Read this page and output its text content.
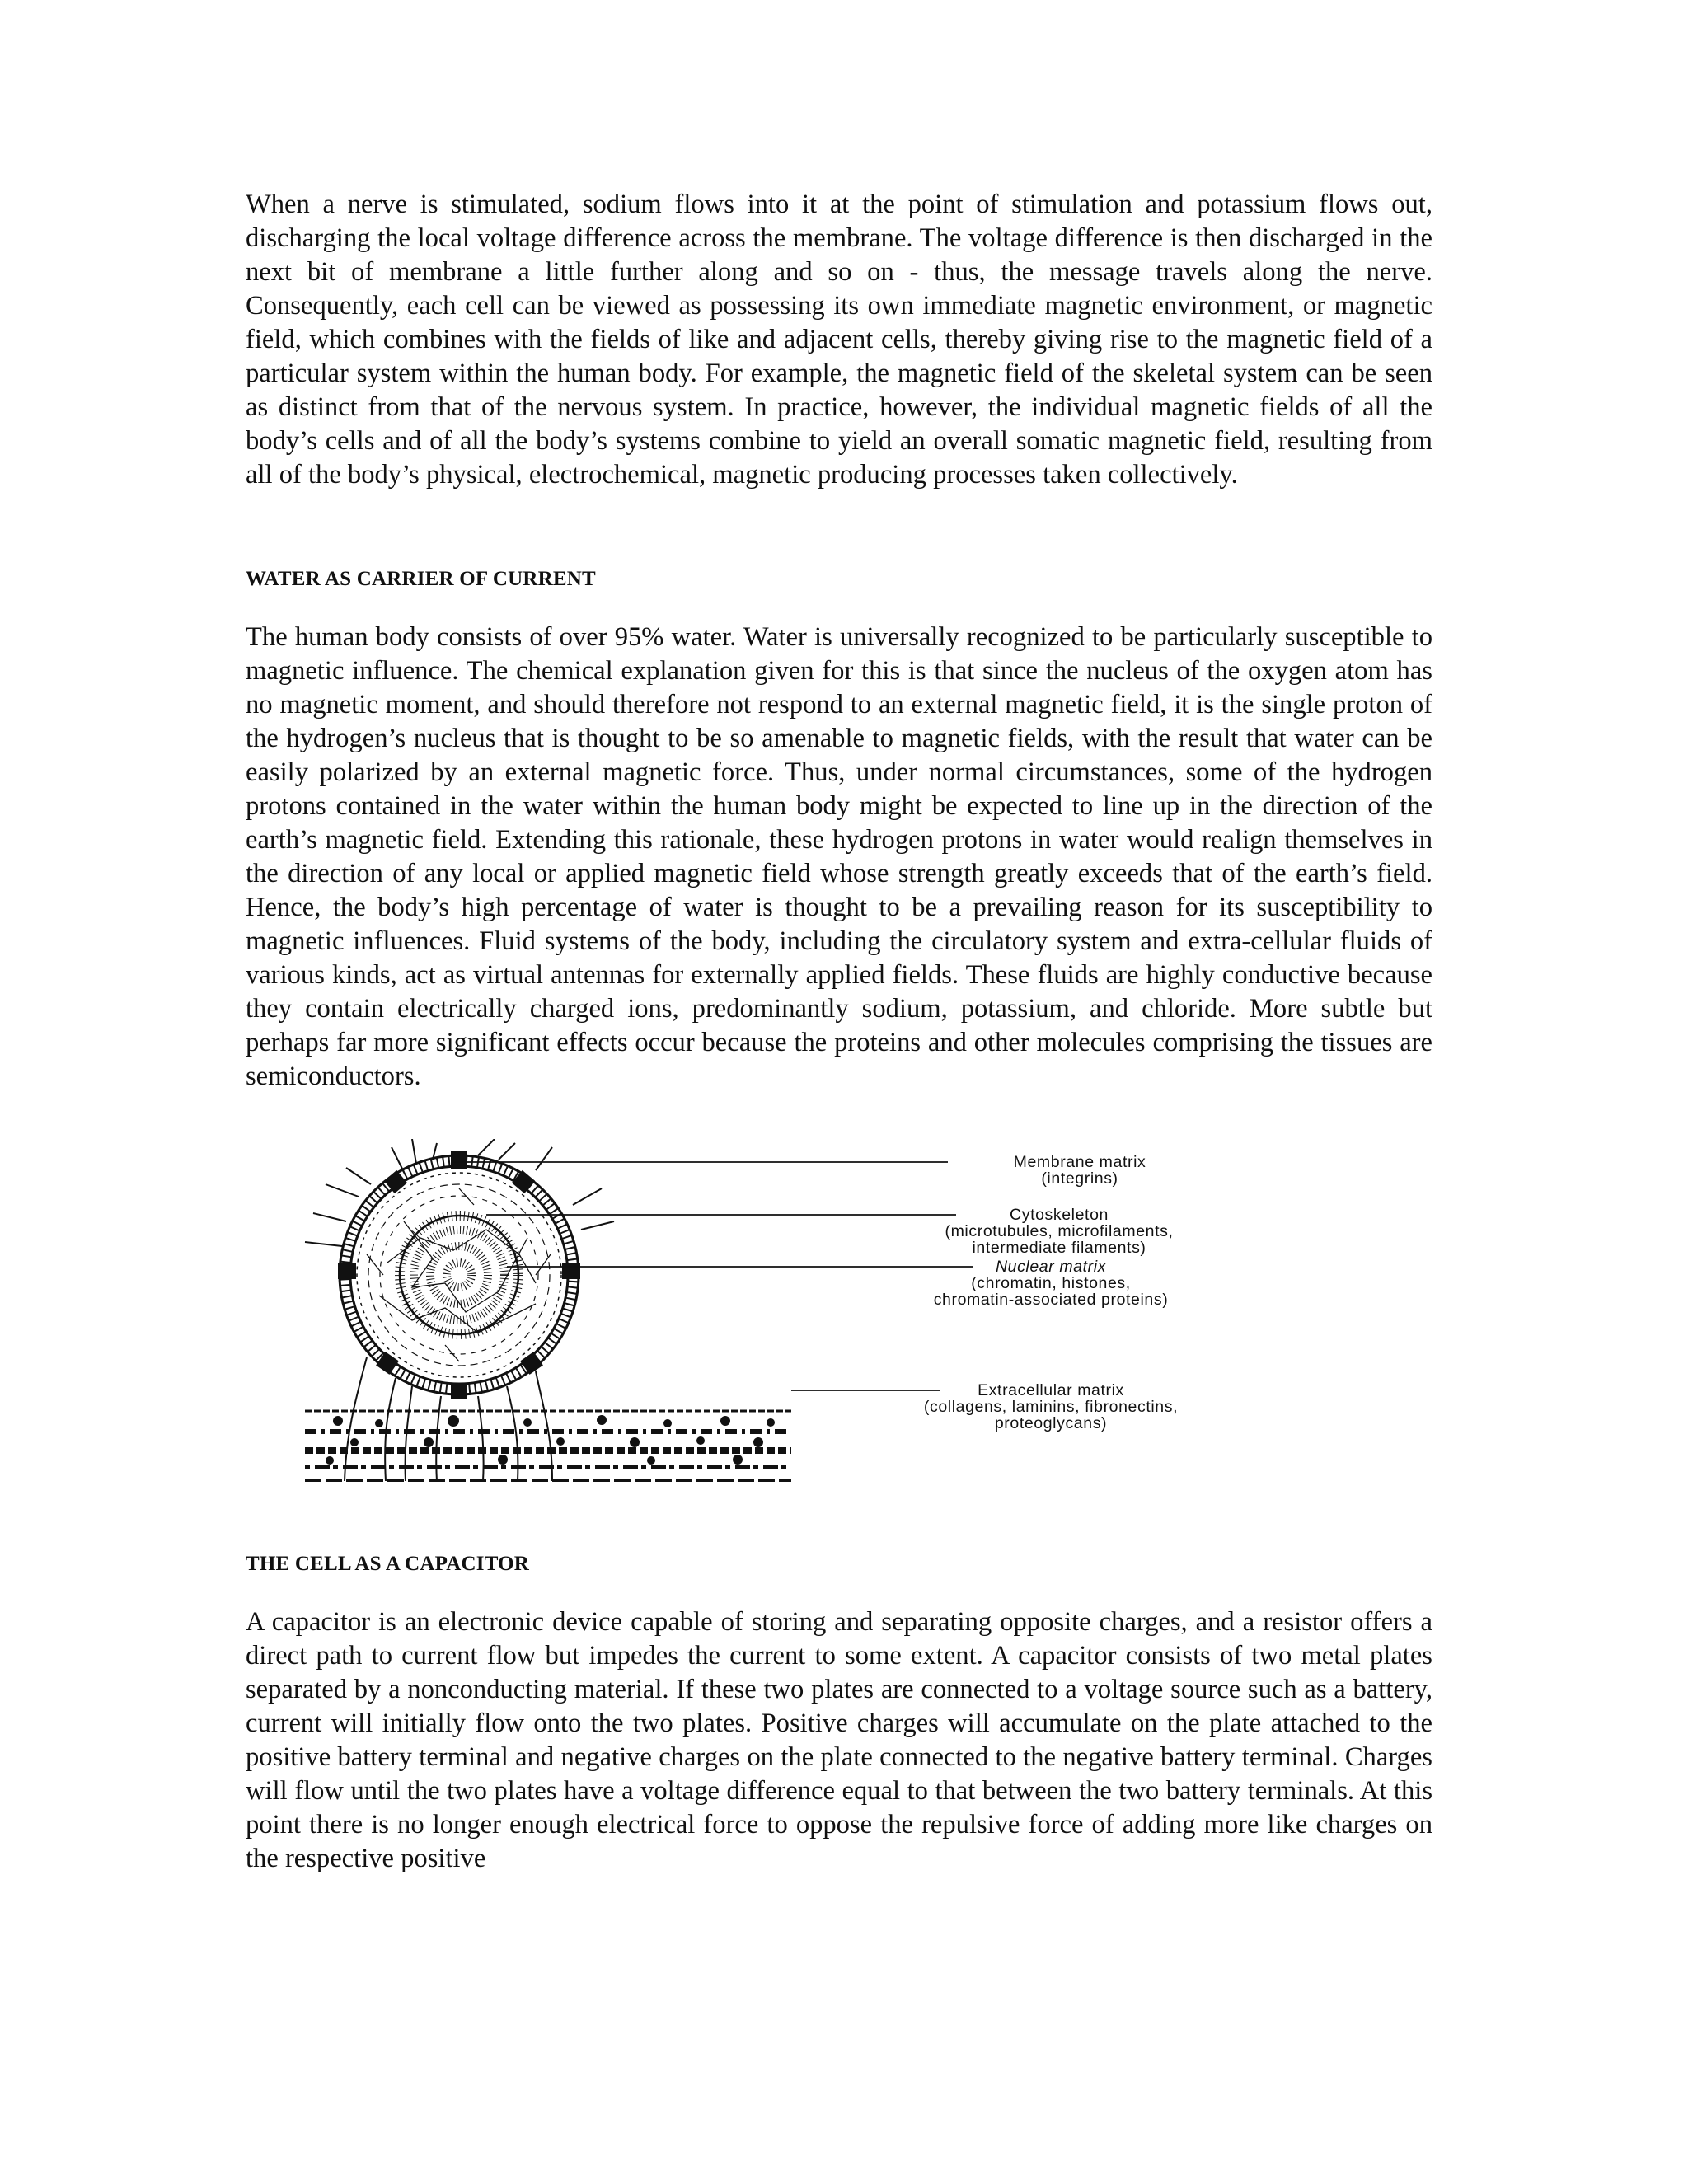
When a nerve is stimulated, sodium flows into it at the point of stimulation and potassium flows out, discharging the local voltage difference across the membrane. The voltage difference is then discharged in the next bit of membrane a little further along and so on - thus, the message travels along the nerve. Consequently, each cell can be viewed as possessing its own immediate magnetic environment, or magnetic field, which combines with the fields of like and adjacent cells, thereby giving rise to the magnetic field of a particular system within the human body. For example, the magnetic field of the skeletal system can be seen as distinct from that of the nervous system. In practice, however, the individual magnetic fields of all the body’s cells and of all the body’s systems combine to yield an overall somatic magnetic field, resulting from all of the body’s physical, electrochemical, magnetic producing processes taken collectively.

WATER AS CARRIER OF CURRENT

The human body consists of over 95% water. Water is universally recognized to be particularly susceptible to magnetic influence. The chemical explanation given for this is that since the nucleus of the oxygen atom has no magnetic moment, and should therefore not respond to an external magnetic field, it is the single proton of the hydrogen’s nucleus that is thought to be so amenable to magnetic fields, with the result that water can be easily polarized by an external magnetic force. Thus, under normal circumstances, some of the hydrogen protons contained in the water within the human body might be expected to line up in the direction of the earth’s magnetic field. Extending this rationale, these hydrogen protons in water would realign themselves in the direction of any local or applied magnetic field whose strength greatly exceeds that of the earth’s field. Hence, the body’s high percentage of water is thought to be a prevailing reason for its susceptibility to magnetic influences. Fluid systems of the body, including the circulatory system and extra-cellular fluids of various kinds, act as virtual antennas for externally applied fields. These fluids are highly conductive because they contain electrically charged ions, predominantly sodium, potassium, and chloride. More subtle but perhaps far more significant effects occur because the proteins and other molecules comprising the tissues are semiconductors.

Membrane matrix
(integrins)
Cytoskeleton
(microtubules, microfilaments,
intermediate filaments)
Nuclear matrix
(chromatin, histones,
chromatin-associated proteins)
Extracellular matrix
(collagens, laminins, fibronectins,
proteoglycans)
THE CELL AS A CAPACITOR

A capacitor is an electronic device capable of storing and separating opposite charges, and a resistor offers a direct path to current flow but impedes the current to some extent. A capacitor consists of two metal plates separated by a nonconducting material. If these two plates are connected to a voltage source such as a battery, current will initially flow onto the two plates. Positive charges will accumulate on the plate attached to the positive battery terminal and negative charges on the plate connected to the negative battery terminal. Charges will flow until the two plates have a voltage difference equal to that between the two battery terminals. At this point there is no longer enough electrical force to oppose the repulsive force of adding more like charges on the respective positive
